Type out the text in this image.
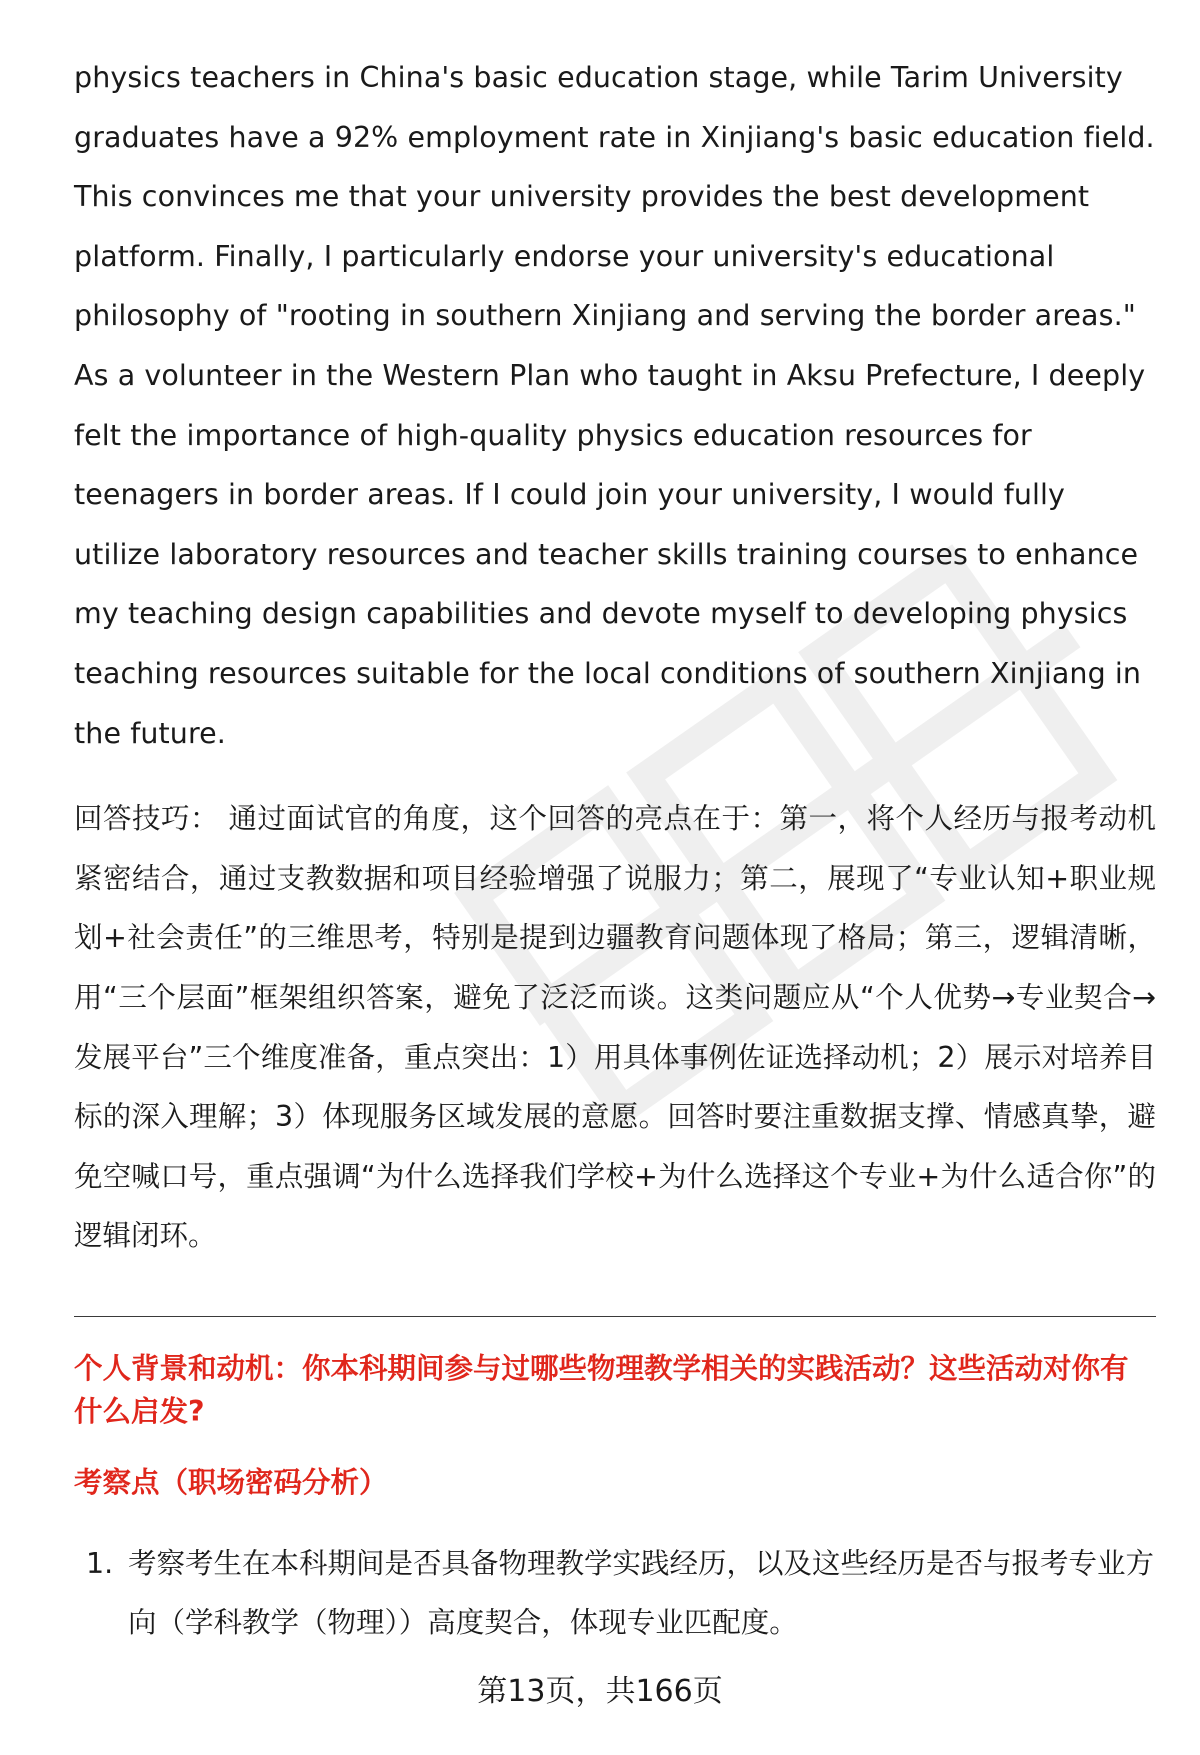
physics teachers in China's basic education stage, while Tarim University graduates have a 92% employment rate in Xinjiang's basic education field. This convinces me that your university provides the best development platform. Finally, I particularly endorse your university's educational philosophy of "rooting in southern Xinjiang and serving the border areas." As a volunteer in the Western Plan who taught in Aksu Prefecture, I deeply felt the importance of high-quality physics education resources for teenagers in border areas. If I could join your university, I would fully utilize laboratory resources and teacher skills training courses to enhance my teaching design capabilities and devote myself to developing physics teaching resources suitable for the local conditions of southern Xinjiang in the future.

回答技巧： 通过面试官的角度，这个回答的亮点在于：第一，将个人经历与报考动机紧密结合，通过支教数据和项目经验增强了说服力；第二，展现了“专业认知+职业规划+社会责任”的三维思考，特别是提到边疆教育问题体现了格局；第三，逻辑清晰，用“三个层面”框架组织答案，避免了泛泛而谈。这类问题应从“个人优势→专业契合→发展平台”三个维度准备，重点突出：1）用具体事例佐证选择动机；2）展示对培养目标的深入理解；3）体现服务区域发展的意愿。回答时要注重数据支撑、情感真挚，避免空喊口号，重点强调“为什么选择我们学校+为什么选择这个专业+为什么适合你”的逻辑闭环。

个人背景和动机：你本科期间参与过哪些物理教学相关的实践活动？这些活动对你有什么启发?
考察点（职场密码分析）
1. 考察考生在本科期间是否具备物理教学实践经历，以及这些经历是否与报考专业方向（学科教学（物理））高度契合，体现专业匹配度。
第13页，共166页
